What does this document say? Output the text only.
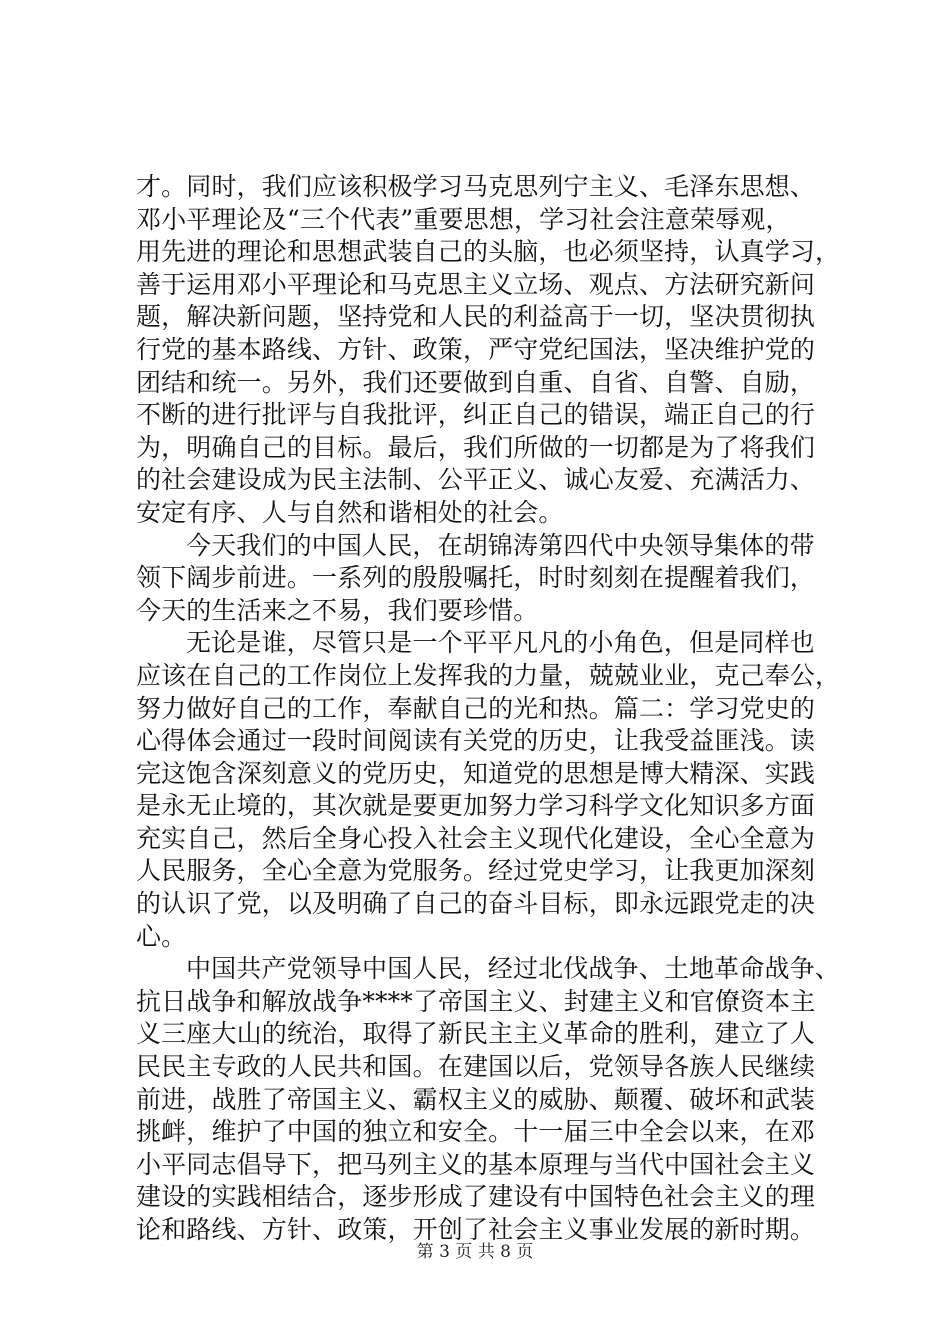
才。同时，我们应该积极学习马克思列宁主义、毛泽东思想、
邓小平理论及“三个代表”重要思想，学习社会注意荣辱观，
用先进的理论和思想武装自己的头脑，也必须坚持，认真学习，
善于运用邓小平理论和马克思主义立场、观点、方法研究新问
题，解决新问题，坚持党和人民的利益高于一切，坚决贯彻执
行党的基本路线、方针、政策，严守党纪国法，坚决维护党的
团结和统一。另外，我们还要做到自重、自省、自警、自励，
不断的进行批评与自我批评，纠正自己的错误，端正自己的行
为，明确自己的目标。最后，我们所做的一切都是为了将我们
的社会建设成为民主法制、公平正义、诚心友爱、充满活力、
安定有序、人与自然和谐相处的社会。
今天我们的中国人民，在胡锦涛第四代中央领导集体的带
领下阔步前进。一系列的殷殷嘱托，时时刻刻在提醒着我们，
今天的生活来之不易，我们要珍惜。
无论是谁，尽管只是一个平平凡凡的小角色，但是同样也
应该在自己的工作岗位上发挥我的力量，兢兢业业，克己奉公，
努力做好自己的工作，奉献自己的光和热。篇二：学习党史的
心得体会通过一段时间阅读有关党的历史，让我受益匪浅。读
完这饱含深刻意义的党历史，知道党的思想是博大精深、实践
是永无止境的，其次就是要更加努力学习科学文化知识多方面
充实自己，然后全身心投入社会主义现代化建设，全心全意为
人民服务，全心全意为党服务。经过党史学习，让我更加深刻
的认识了党，以及明确了自己的奋斗目标，即永远跟党走的决
心。
中国共产党领导中国人民，经过北伐战争、土地革命战争、
抗日战争和解放战争****了帝国主义、封建主义和官僚资本主
义三座大山的统治，取得了新民主主义革命的胜利，建立了人
民民主专政的人民共和国。在建国以后，党领导各族人民继续
前进，战胜了帝国主义、霸权主义的威胁、颠覆、破坏和武装
挑衅，维护了中国的独立和安全。十一届三中全会以来，在邓
小平同志倡导下，把马列主义的基本原理与当代中国社会主义
建设的实践相结合，逐步形成了建设有中国特色社会主义的理
论和路线、方针、政策，开创了社会主义事业发展的新时期。
第 3 页 共 8 页
